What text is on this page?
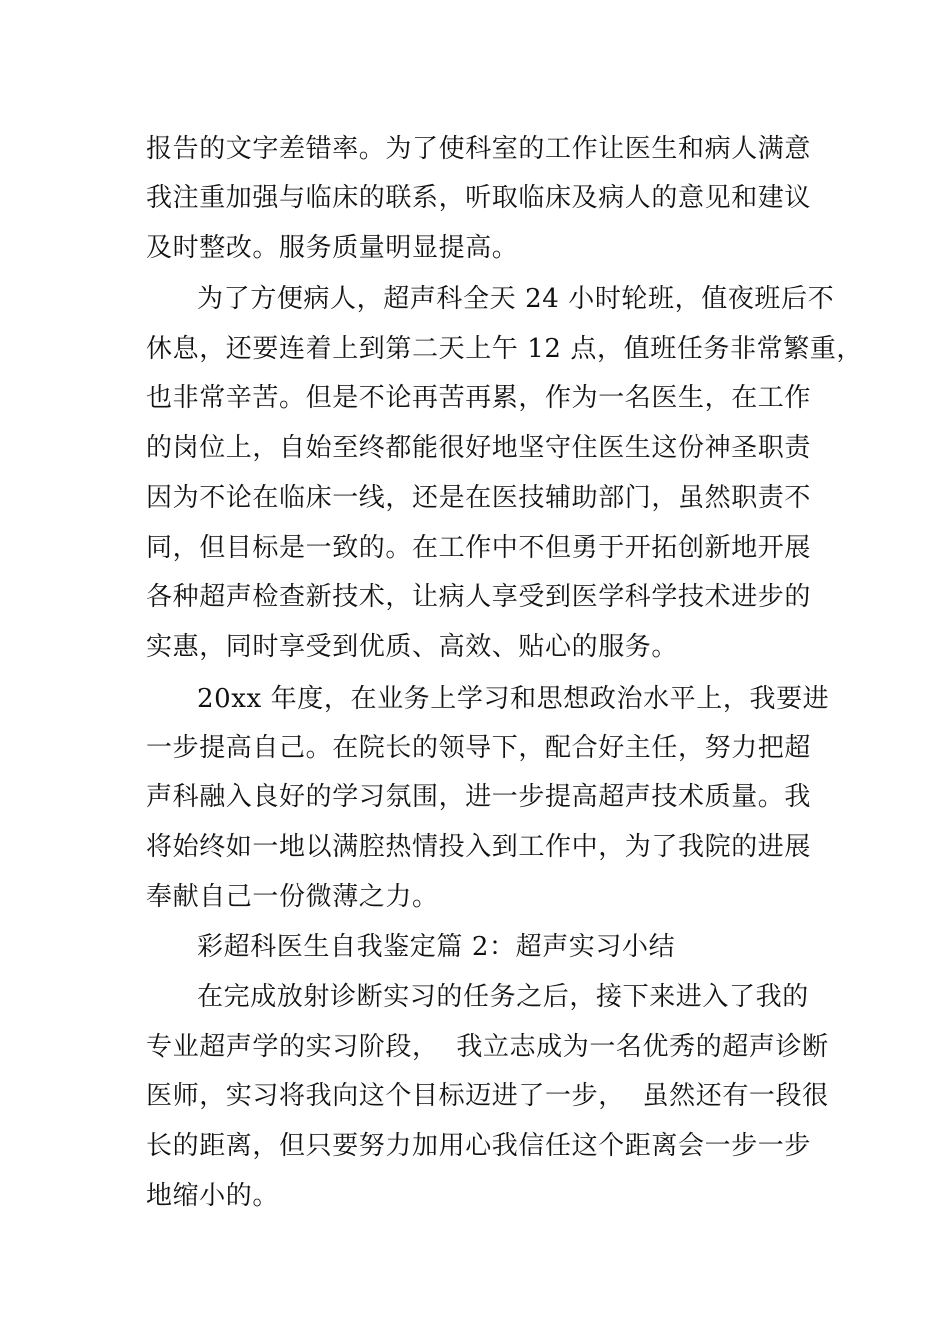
报告的文字差错率。为了使科室的工作让医生和病人满意
我注重加强与临床的联系，听取临床及病人的意见和建议
及时整改。服务质量明显提高。
为了方便病人，超声科全天 24 小时轮班，值夜班后不
休息，还要连着上到第二天上午 12 点，值班任务非常繁重，
也非常辛苦。但是不论再苦再累，作为一名医生，在工作
的岗位上，自始至终都能很好地坚守住医生这份神圣职责
因为不论在临床一线，还是在医技辅助部门，虽然职责不
同，但目标是一致的。在工作中不但勇于开拓创新地开展
各种超声检查新技术，让病人享受到医学科学技术进步的
实惠，同时享受到优质、高效、贴心的服务。
20xx 年度，在业务上学习和思想政治水平上，我要进
一步提高自己。在院长的领导下，配合好主任，努力把超
声科融入良好的学习氛围，进一步提高超声技术质量。我
将始终如一地以满腔热情投入到工作中，为了我院的进展
奉献自己一份微薄之力。
彩超科医生自我鉴定篇 2：超声实习小结
在完成放射诊断实习的任务之后，接下来进入了我的
专业超声学的实习阶段，  我立志成为一名优秀的超声诊断
医师，实习将我向这个目标迈进了一步，  虽然还有一段很
长的距离，但只要努力加用心我信任这个距离会一步一步
地缩小的。
